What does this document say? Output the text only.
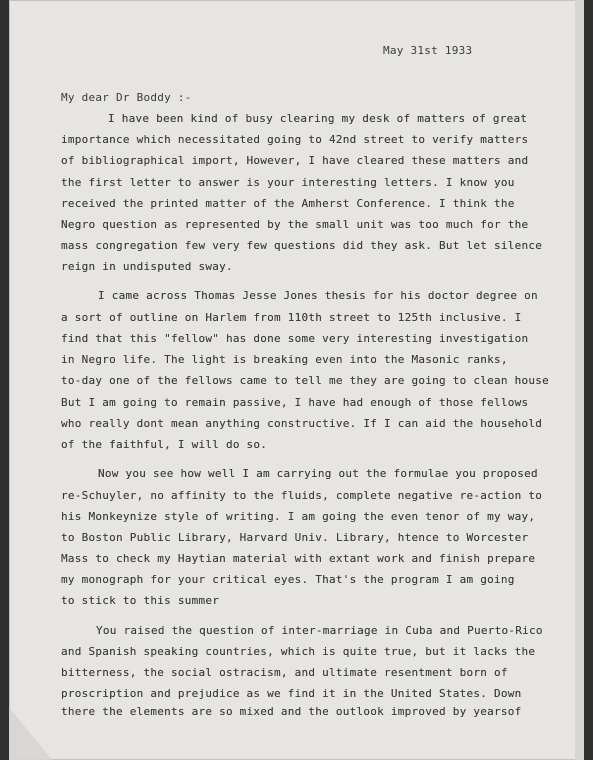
May 31st 1933
My dear Dr Boddy :-
I have been kind of busy clearing my desk of matters of great
importance which necessitated going to 42nd street to verify matters
of bibliographical import, However, I have cleared these matters and
the first letter to answer is your interesting letters. I know you
received the printed matter of the Amherst Conference. I think the
Negro question as represented by the small unit was too much for the
mass congregation few very few questions did they ask. But let silence
reign in undisputed sway.
I came across Thomas Jesse Jones thesis for his doctor degree on
a sort of outline on Harlem from 110th street to 125th inclusive. I
find that this "fellow" has done some very interesting investigation
in Negro life. The light is breaking even into the Masonic ranks,
to-day one of the fellows came to tell me they are going to clean house
But I am going to remain passive, I have had enough of those fellows
who really dont mean anything constructive. If I can aid the household
of the faithful, I will do so.
Now you see how well I am carrying out the formulae you proposed
re-Schuyler, no affinity to the fluids, complete negative re-action to
his Monkeynize style of writing. I am going the even tenor of my way,
to Boston Public Library, Harvard Univ. Library, htence to Worcester
Mass to check my Haytian material with extant work and finish prepare
my monograph for your critical eyes. That's the program I am going
to stick to this summer
You raised the question of inter-marriage in Cuba and Puerto-Rico
and Spanish speaking countries, which is quite true, but it lacks the
bitterness, the social ostracism, and ultimate resentment born of
proscription and prejudice as we find it in the United States. Down
there the elements are so mixed and the outlook improved by yearsof
